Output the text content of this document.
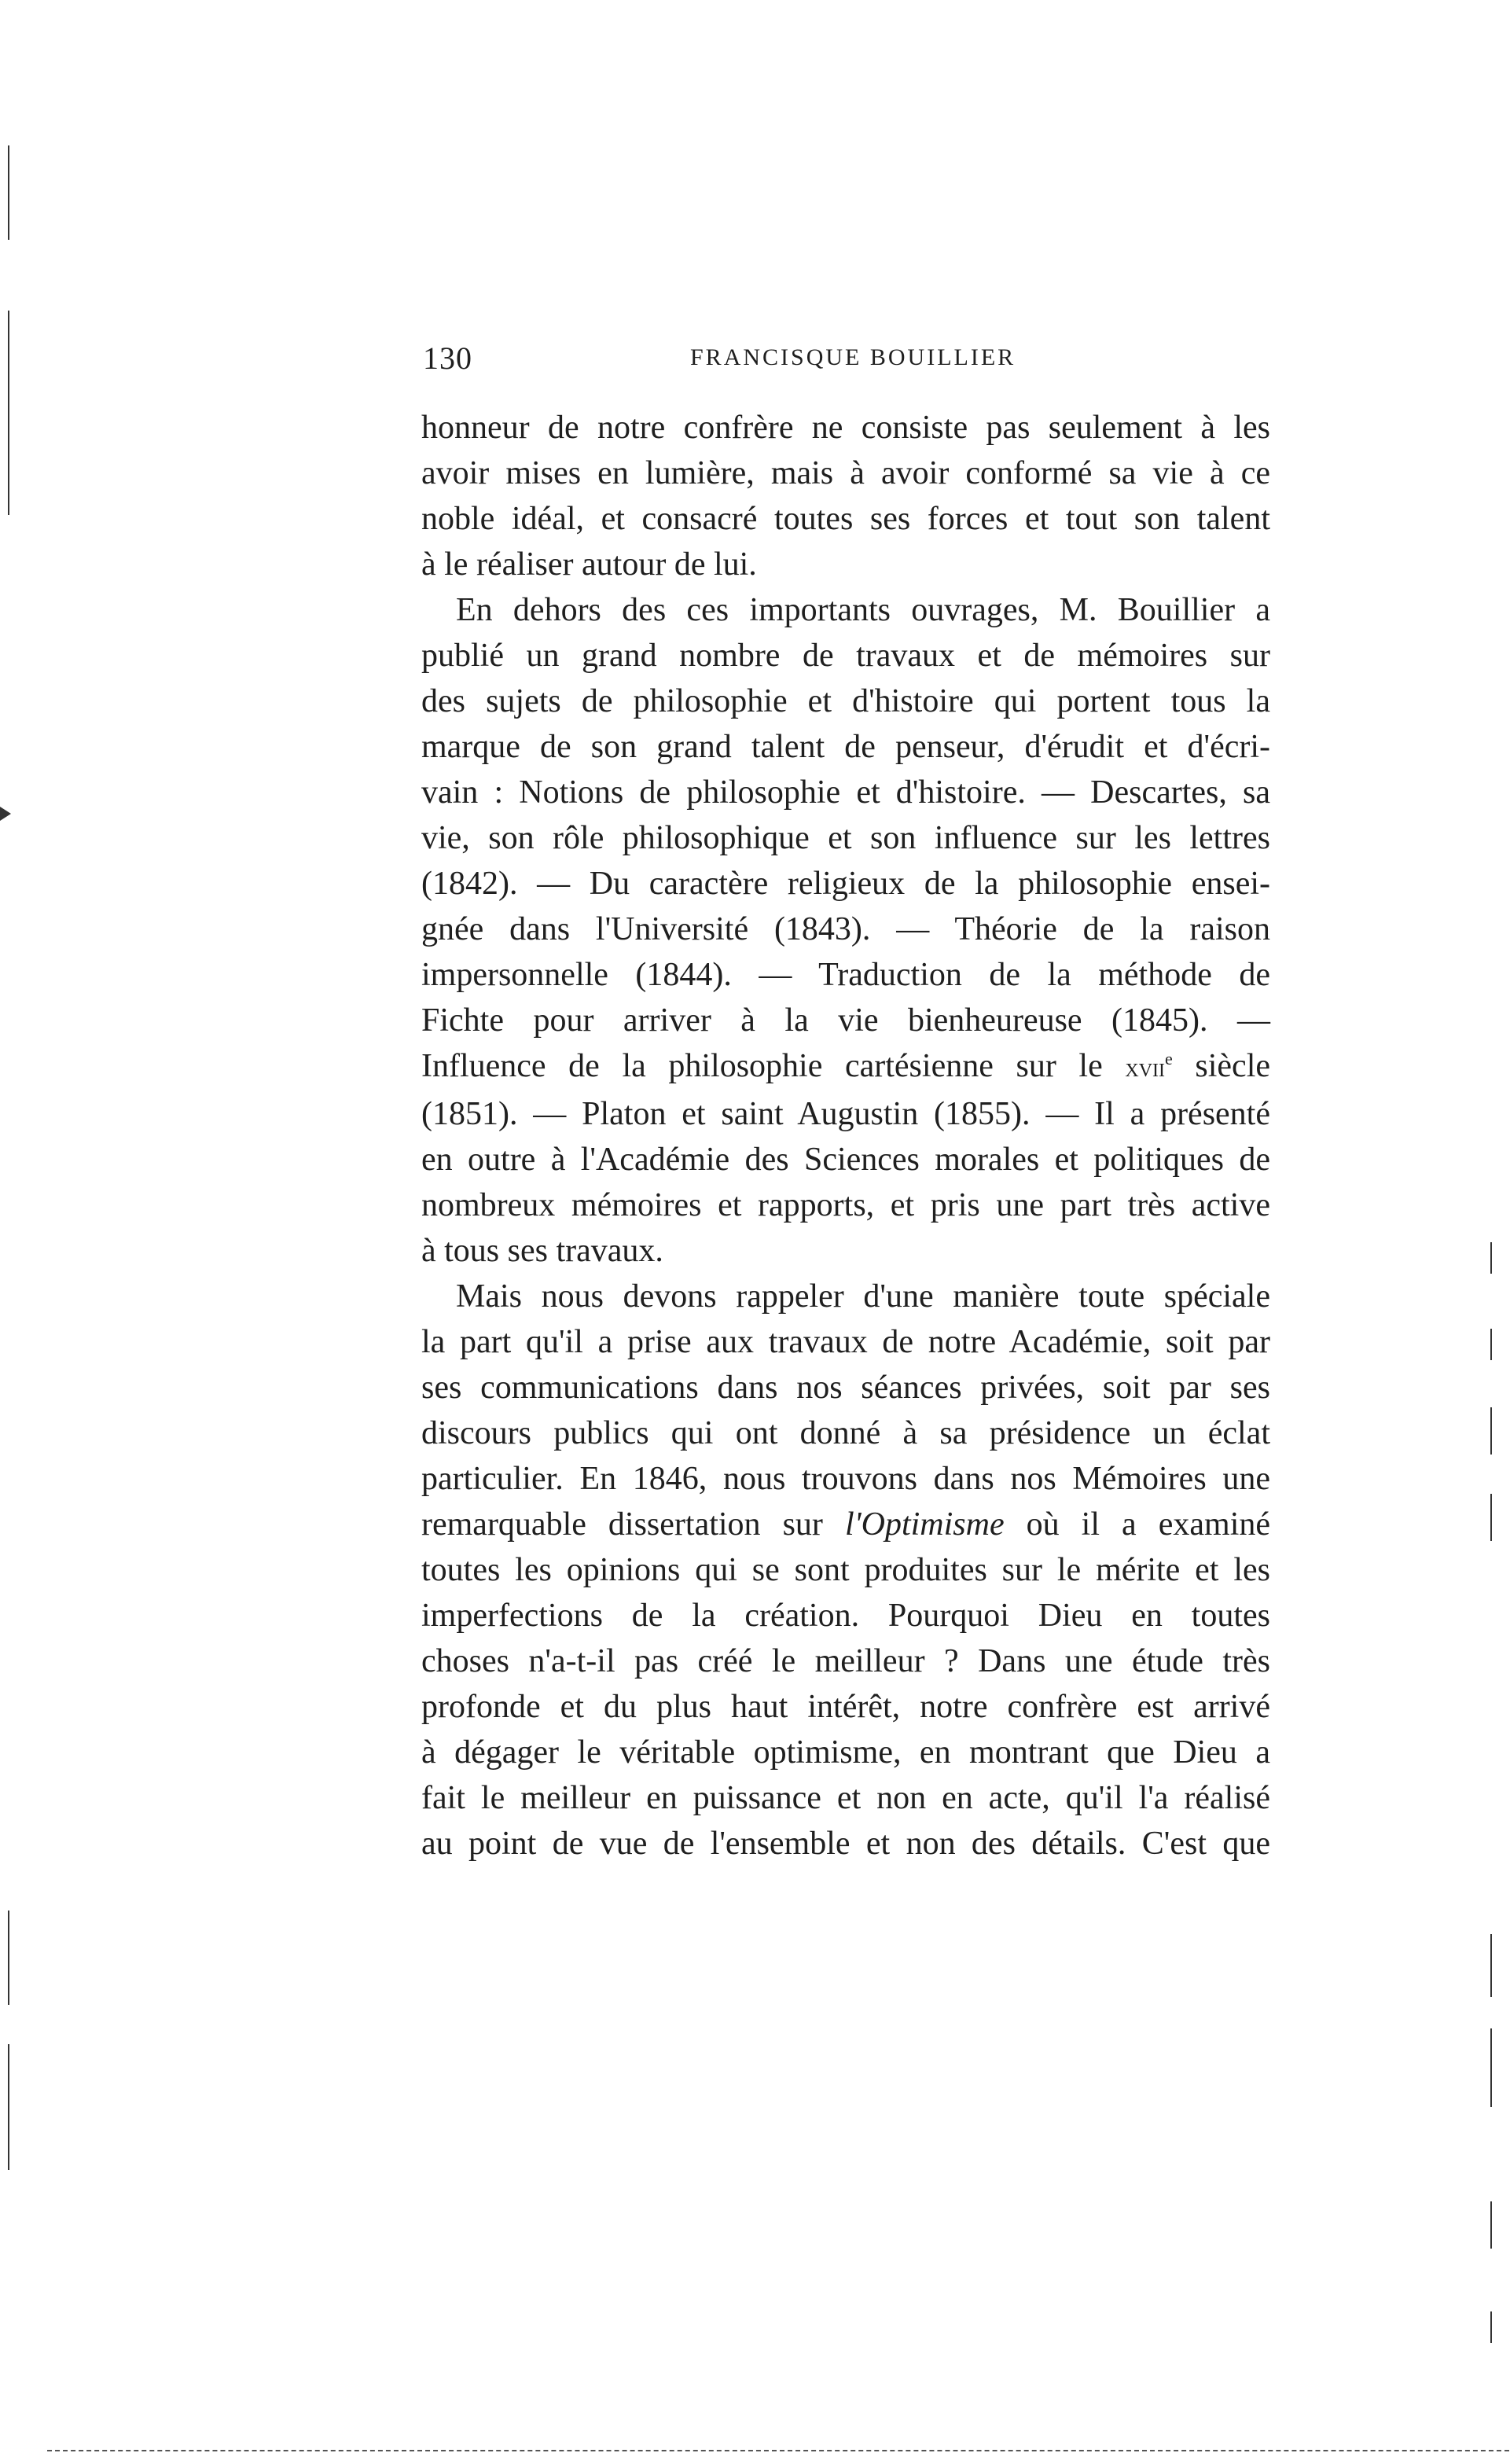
130	FRANCISQUE BOUILLIER

honneur de notre confrère ne consiste pas seulement à les
avoir mises en lumière, mais à avoir conformé sa vie à ce
noble idéal, et consacré toutes ses forces et tout son talent
à le réaliser autour de lui.

En dehors des ces importants ouvrages, M. Bouillier a
publié un grand nombre de travaux et de mémoires sur
des sujets de philosophie et d'histoire qui portent tous la
marque de son grand talent de penseur, d'érudit et d'écri-
vain : Notions de philosophie et d'histoire. — Descartes, sa
vie, son rôle philosophique et son influence sur les lettres
(1842). — Du caractère religieux de la philosophie ensei-
gnée dans l'Université (1843). — Théorie de la raison
impersonnelle (1844). — Traduction de la méthode de
Fichte pour arriver à la vie bienheureuse (1845). —
Influence de la philosophie cartésienne sur le xvii$^e$ siècle
(1851). — Platon et saint Augustin (1855). — Il a présenté
en outre à l'Académie des Sciences morales et politiques de
nombreux mémoires et rapports, et pris une part très active
à tous ses travaux.

Mais nous devons rappeler d'une manière toute spéciale
la part qu'il a prise aux travaux de notre Académie, soit par
ses communications dans nos séances privées, soit par ses
discours publics qui ont donné à sa présidence un éclat
particulier. En 1846, nous trouvons dans nos Mémoires une
remarquable dissertation sur l'Optimisme où il a examiné
toutes les opinions qui se sont produites sur le mérite et les
imperfections de la création. Pourquoi Dieu en toutes
choses n'a-t-il pas créé le meilleur ? Dans une étude très
profonde et du plus haut intérêt, notre confrère est arrivé
à dégager le véritable optimisme, en montrant que Dieu a
fait le meilleur en puissance et non en acte, qu'il l'a réalisé
au point de vue de l'ensemble et non des détails. C'est que
